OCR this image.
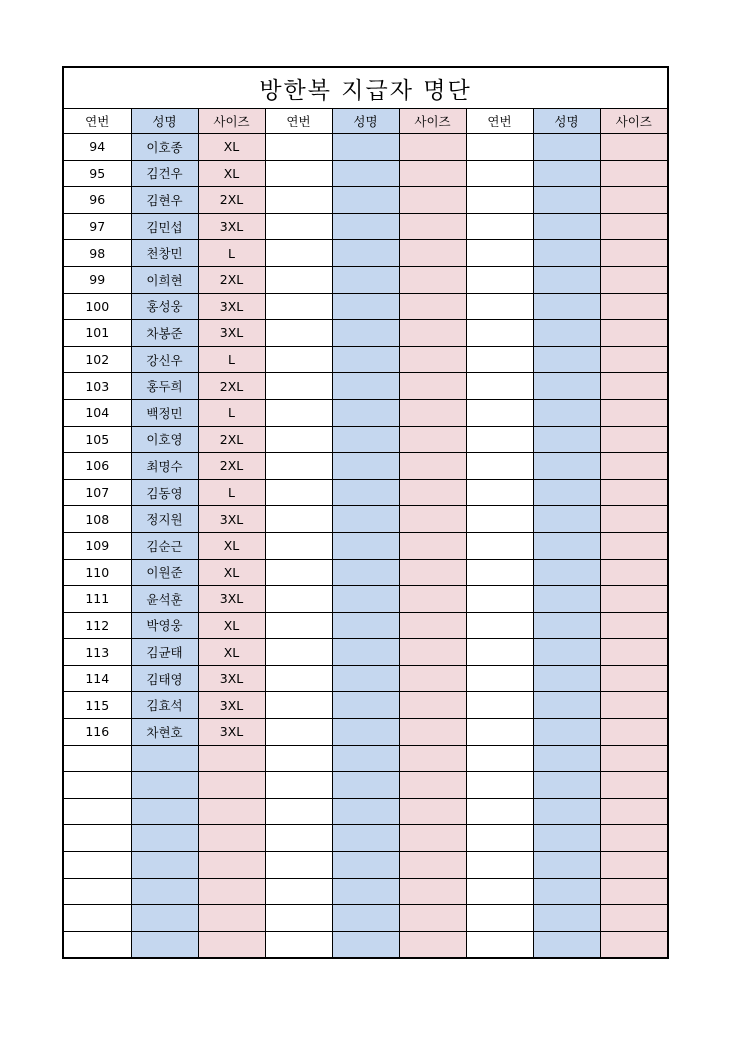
방한복 지급자 명단
연번	성명	사이즈	연번	성명	사이즈	연번	성명	사이즈
94	이호종	XL						
95	김건우	XL						
96	김현우	2XL						
97	김민섭	3XL						
98	천창민	L						
99	이희현	2XL						
100	홍성웅	3XL						
101	차봉준	3XL						
102	강신우	L						
103	홍두희	2XL						
104	백정민	L						
105	이호영	2XL						
106	최명수	2XL						
107	김동영	L						
108	정지원	3XL						
109	김순근	XL						
110	이원준	XL						
111	윤석훈	3XL						
112	박영웅	XL						
113	김균태	XL						
114	김태영	3XL						
115	김효석	3XL						
116	차현호	3XL						
